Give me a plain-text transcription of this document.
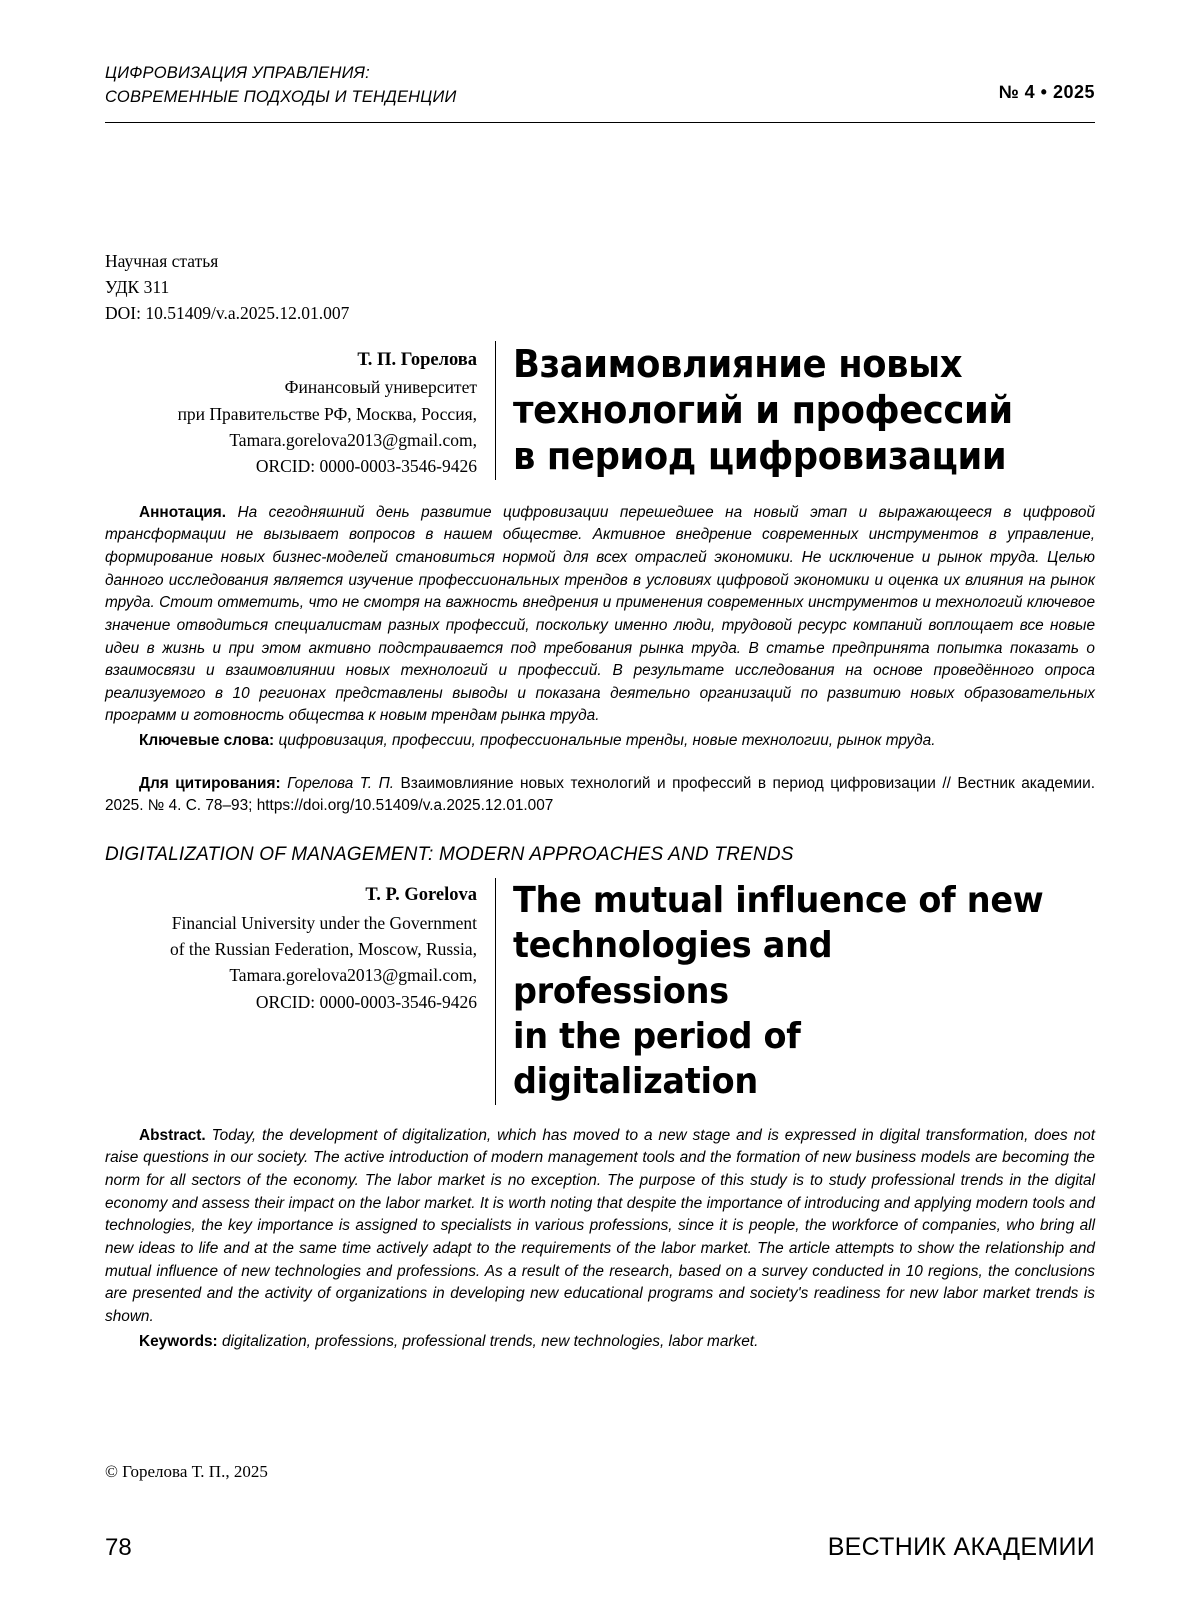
ЦИФРОВИЗАЦИЯ УПРАВЛЕНИЯ:
СОВРЕМЕННЫЕ ПОДХОДЫ И ТЕНДЕНЦИИ	№ 4 • 2025
Научная статья
УДК 311
DOI: 10.51409/v.a.2025.12.01.007
Т. П. Горелова
Финансовый университет
при Правительстве РФ, Москва, Россия,
Tamara.gorelova2013@gmail.com,
ORCID: 0000-0003-3546-9426
Взаимовлияние новых
технологий и профессий
в период цифровизации

Аннотация. На сегодняшний день развитие цифровизации перешедшее на новый этап и выражающееся в цифровой трансформации не вызывает вопросов в нашем обществе. Активное внедрение современных инструментов в управление, формирование новых бизнес-моделей становиться нормой для всех отраслей экономики. Не исключение и рынок труда. Целью данного исследования является изучение профессиональных трендов в условиях цифровой экономики и оценка их влияния на рынок труда. Стоит отметить, что не смотря на важность внедрения и применения современных инструментов и технологий ключевое значение отводиться специалистам разных профессий, поскольку именно люди, трудовой ресурс компаний воплощает все новые идеи в жизнь и при этом активно подстраивается под требования рынка труда. В статье предпринята попытка показать о взаимосвязи и взаимовлиянии новых технологий и профессий. В результате исследования на основе проведённого опроса реализуемого в 10 регионах представлены выводы и показана деятельно организаций по развитию новых образовательных программ и готовность общества к новым трендам рынка труда.

Ключевые слова: цифровизация, профессии, профессиональные тренды, новые технологии, рынок труда.
Для цитирования: Горелова Т. П. Взаимовлияние новых технологий и профессий в период цифровизации // Вестник академии. 2025. № 4. С. 78–93; https://doi.org/10.51409/v.a.2025.12.01.007
DIGITALIZATION OF MANAGEMENT: MODERN APPROACHES AND TRENDS
T. P. Gorelova
Financial University under the Government
of the Russian Federation, Moscow, Russia,
Tamara.gorelova2013@gmail.com,
ORCID: 0000-0003-3546-9426
The mutual influence of new
technologies and professions
in the period of digitalization

Abstract. Today, the development of digitalization, which has moved to a new stage and is expressed in digital transformation, does not raise questions in our society. The active introduction of modern management tools and the formation of new business models are becoming the norm for all sectors of the economy. The labor market is no exception. The purpose of this study is to study professional trends in the digital economy and assess their impact on the labor market. It is worth noting that despite the importance of introducing and applying modern tools and technologies, the key importance is assigned to specialists in various professions, since it is people, the workforce of companies, who bring all new ideas to life and at the same time actively adapt to the requirements of the labor market. The article attempts to show the relationship and mutual influence of new technologies and professions. As a result of the research, based on a survey conducted in 10 regions, the conclusions are presented and the activity of organizations in developing new educational programs and society's readiness for new labor market trends is shown.

Keywords: digitalization, professions, professional trends, new technologies, labor market.
© Горелова Т. П., 2025
78	ВЕСТНИК АКАДЕМИИ
